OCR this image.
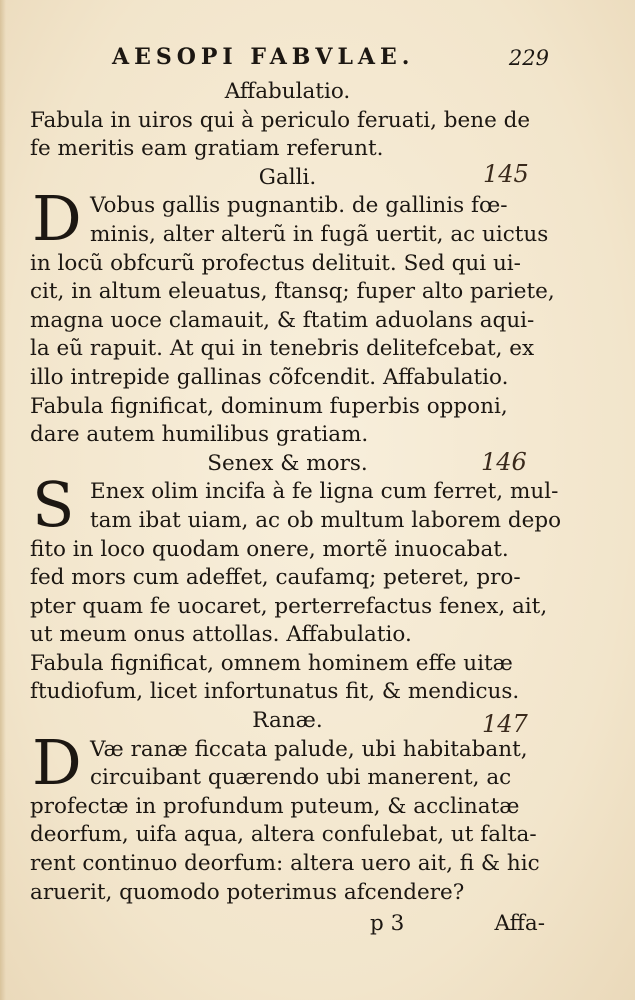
AESOPI FABVLAE.	229
Affabulatio.
Fabula in uiros qui à periculo feruati, bene de
fe meritis eam gratiam referunt.
Galli.
D Vobus gallis pugnantib. de gallinis fœ-
minis, alter alterũ in fugã uertit, ac uictus
in locũ obfcurũ profectus delituit. Sed qui ui-
cit, in altum eleuatus, ftansq; fuper alto pariete,
magna uoce clamauit, & ftatim aduolans aqui-
la eũ rapuit. At qui in tenebris delitefcebat, ex
illo intrepide gallinas cõfcendit. Affabulatio.
Fabula fignificat, dominum fuperbis opponi,
dare autem humilibus gratiam.
Senex & mors.
S Enex olim incifa à fe ligna cum ferret, mul-
tam ibat uiam, ac ob multum laborem depo
fito in loco quodam onere, mortẽ inuocabat.
fed mors cum adeffet, caufamq; peteret, pro-
pter quam fe uocaret, perterrefactus fenex, ait,
ut meum onus attollas. Affabulatio.
Fabula fignificat, omnem hominem effe uitæ
ftudiofum, licet infortunatus fit, & mendicus.
Ranæ.
D Væ ranæ ficcata palude, ubi habitabant,
circuibant quærendo ubi manerent, ac
profectæ in profundum puteum, & acclinatæ
deorfum, uifa aqua, altera confulebat, ut falta-
rent continuo deorfum: altera uero ait, fi & hic
aruerit, quomodo poterimus afcendere?
145
146
147
p 3	Affa-
